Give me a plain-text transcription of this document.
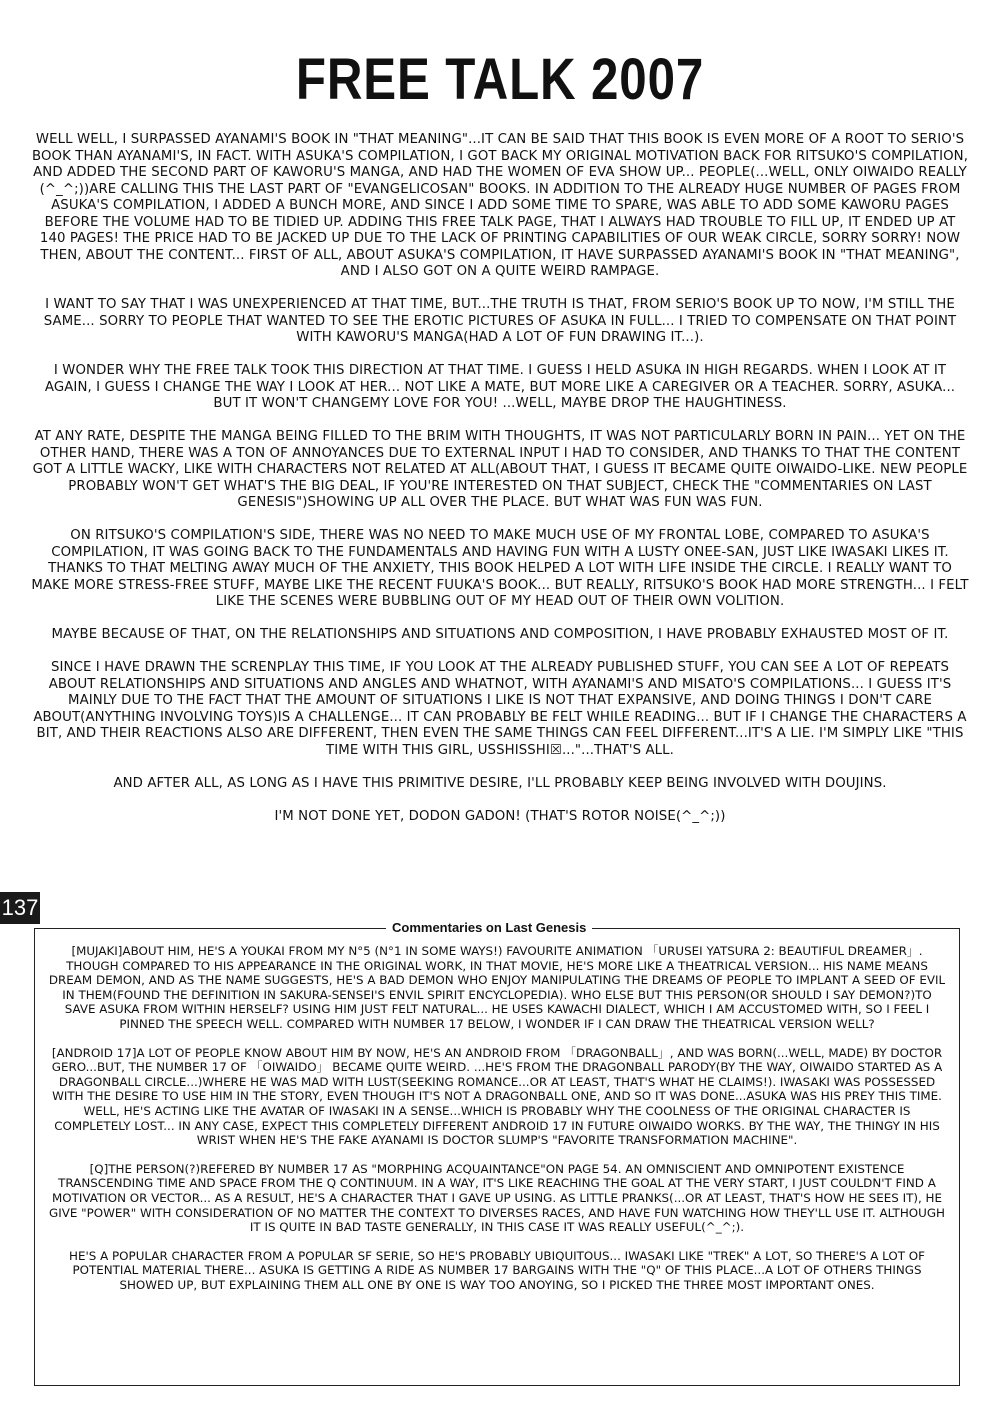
FREE TALK 2007

WELL WELL, I SURPASSED AYANAMI'S BOOK IN "THAT MEANING"...IT CAN BE SAID THAT THIS BOOK IS EVEN MORE OF A ROOT TO SERIO'S BOOK THAN AYANAMI'S, IN FACT. WITH ASUKA'S COMPILATION, I GOT BACK MY ORIGINAL MOTIVATION BACK FOR RITSUKO'S COMPILATION, AND ADDED THE SECOND PART OF KAWORU'S MANGA, AND HAD THE WOMEN OF EVA SHOW UP... PEOPLE(...WELL, ONLY OIWAIDO REALLY (^_^;))ARE CALLING THIS THE LAST PART OF "EVANGELICOSAN" BOOKS. IN ADDITION TO THE ALREADY HUGE NUMBER OF PAGES FROM ASUKA'S COMPILATION, I ADDED A BUNCH MORE, AND SINCE I ADD SOME TIME TO SPARE, WAS ABLE TO ADD SOME KAWORU PAGES BEFORE THE VOLUME HAD TO BE TIDIED UP. ADDING THIS FREE TALK PAGE, THAT I ALWAYS HAD TROUBLE TO FILL UP, IT ENDED UP AT 140 PAGES! THE PRICE HAD TO BE JACKED UP DUE TO THE LACK OF PRINTING CAPABILITIES OF OUR WEAK CIRCLE, SORRY SORRY! NOW THEN, ABOUT THE CONTENT... FIRST OF ALL, ABOUT ASUKA'S COMPILATION, IT HAVE SURPASSED AYANAMI'S BOOK IN "THAT MEANING", AND I ALSO GOT ON A QUITE WEIRD RAMPAGE.

I WANT TO SAY THAT I WAS UNEXPERIENCED AT THAT TIME, BUT...THE TRUTH IS THAT, FROM SERIO'S BOOK UP TO NOW, I'M STILL THE SAME... SORRY TO PEOPLE THAT WANTED TO SEE THE EROTIC PICTURES OF ASUKA IN FULL... I TRIED TO COMPENSATE ON THAT POINT WITH KAWORU'S MANGA(HAD A LOT OF FUN DRAWING IT...).

I WONDER WHY THE FREE TALK TOOK THIS DIRECTION AT THAT TIME. I GUESS I HELD ASUKA IN HIGH REGARDS. WHEN I LOOK AT IT AGAIN, I GUESS I CHANGE THE WAY I LOOK AT HER... NOT LIKE A MATE, BUT MORE LIKE A CAREGIVER OR A TEACHER. SORRY, ASUKA... BUT IT WON'T CHANGEMY LOVE FOR YOU! ...WELL, MAYBE DROP THE HAUGHTINESS.

AT ANY RATE, DESPITE THE MANGA BEING FILLED TO THE BRIM WITH THOUGHTS, IT WAS NOT PARTICULARLY BORN IN PAIN... YET ON THE OTHER HAND, THERE WAS A TON OF ANNOYANCES DUE TO EXTERNAL INPUT I HAD TO CONSIDER, AND THANKS TO THAT THE CONTENT GOT A LITTLE WACKY, LIKE WITH CHARACTERS NOT RELATED AT ALL(ABOUT THAT, I GUESS IT BECAME QUITE OIWAIDO-LIKE. NEW PEOPLE PROBABLY WON'T GET WHAT'S THE BIG DEAL, IF YOU'RE INTERESTED ON THAT SUBJECT, CHECK THE "COMMENTARIES ON LAST GENESIS")SHOWING UP ALL OVER THE PLACE. BUT WHAT WAS FUN WAS FUN.

ON RITSUKO'S COMPILATION'S SIDE, THERE WAS NO NEED TO MAKE MUCH USE OF MY FRONTAL LOBE, COMPARED TO ASUKA'S COMPILATION, IT WAS GOING BACK TO THE FUNDAMENTALS AND HAVING FUN WITH A LUSTY ONEE-SAN, JUST LIKE IWASAKI LIKES IT. THANKS TO THAT MELTING AWAY MUCH OF THE ANXIETY, THIS BOOK HELPED A LOT WITH LIFE INSIDE THE CIRCLE. I REALLY WANT TO MAKE MORE STRESS-FREE STUFF, MAYBE LIKE THE RECENT FUUKA'S BOOK... BUT REALLY, RITSUKO'S BOOK HAD MORE STRENGTH... I FELT LIKE THE SCENES WERE BUBBLING OUT OF MY HEAD OUT OF THEIR OWN VOLITION.

MAYBE BECAUSE OF THAT, ON THE RELATIONSHIPS AND SITUATIONS AND COMPOSITION, I HAVE PROBABLY EXHAUSTED MOST OF IT.

SINCE I HAVE DRAWN THE SCRENPLAY THIS TIME, IF YOU LOOK AT THE ALREADY PUBLISHED STUFF, YOU CAN SEE A LOT OF REPEATS ABOUT RELATIONSHIPS AND SITUATIONS AND ANGLES AND WHATNOT, WITH AYANAMI'S AND MISATO'S COMPILATIONS... I GUESS IT'S MAINLY DUE TO THE FACT THAT THE AMOUNT OF SITUATIONS I LIKE IS NOT THAT EXPANSIVE, AND DOING THINGS I DON'T CARE ABOUT(ANYTHING INVOLVING TOYS)IS A CHALLENGE... IT CAN PROBABLY BE FELT WHILE READING... BUT IF I CHANGE THE CHARACTERS A BIT, AND THEIR REACTIONS ALSO ARE DIFFERENT, THEN EVEN THE SAME THINGS CAN FEEL DIFFERENT...IT'S A LIE. I'M SIMPLY LIKE "THIS TIME WITH THIS GIRL, USSHISSHI☒..."...THAT'S ALL.

AND AFTER ALL, AS LONG AS I HAVE THIS PRIMITIVE DESIRE, I'LL PROBABLY KEEP BEING INVOLVED WITH DOUJINS.

I'M NOT DONE YET, DODON GADON! (THAT'S ROTOR NOISE(^_^;))

137
Commentaries on Last Genesis

[MUJAKI]ABOUT HIM, HE'S A YOUKAI FROM MY N°5 (N°1 IN SOME WAYS!) FAVOURITE ANIMATION 「URUSEI YATSURA 2: BEAUTIFUL DREAMER」. THOUGH COMPARED TO HIS APPEARANCE IN THE ORIGINAL WORK, IN THAT MOVIE, HE'S MORE LIKE A THEATRICAL VERSION... HIS NAME MEANS DREAM DEMON, AND AS THE NAME SUGGESTS, HE'S A BAD DEMON WHO ENJOY MANIPULATING THE DREAMS OF PEOPLE TO IMPLANT A SEED OF EVIL IN THEM(FOUND THE DEFINITION IN SAKURA-SENSEI'S ENVIL SPIRIT ENCYCLOPEDIA). WHO ELSE BUT THIS PERSON(OR SHOULD I SAY DEMON?)TO SAVE ASUKA FROM WITHIN HERSELF? USING HIM JUST FELT NATURAL... HE USES KAWACHI DIALECT, WHICH I AM ACCUSTOMED WITH, SO I FEEL I PINNED THE SPEECH WELL. COMPARED WITH NUMBER 17 BELOW, I WONDER IF I CAN DRAW THE THEATRICAL VERSION WELL?

[ANDROID 17]A LOT OF PEOPLE KNOW ABOUT HIM BY NOW, HE'S AN ANDROID FROM 「DRAGONBALL」, AND WAS BORN(...WELL, MADE) BY DOCTOR GERO...BUT, THE NUMBER 17 OF 「OIWAIDO」 BECAME QUITE WEIRD. ...HE'S FROM THE DRAGONBALL PARODY(BY THE WAY, OIWAIDO STARTED AS A DRAGONBALL CIRCLE...)WHERE HE WAS MAD WITH LUST(SEEKING ROMANCE...OR AT LEAST, THAT'S WHAT HE CLAIMS!). IWASAKI WAS POSSESSED WITH THE DESIRE TO USE HIM IN THE STORY, EVEN THOUGH IT'S NOT A DRAGONBALL ONE, AND SO IT WAS DONE...ASUKA WAS HIS PREY THIS TIME. WELL, HE'S ACTING LIKE THE AVATAR OF IWASAKI IN A SENSE...WHICH IS PROBABLY WHY THE COOLNESS OF THE ORIGINAL CHARACTER IS COMPLETELY LOST... IN ANY CASE, EXPECT THIS COMPLETELY DIFFERENT ANDROID 17 IN FUTURE OIWAIDO WORKS. BY THE WAY, THE THINGY IN HIS WRIST WHEN HE'S THE FAKE AYANAMI IS DOCTOR SLUMP'S "FAVORITE TRANSFORMATION MACHINE".

[Q]THE PERSON(?)REFERED BY NUMBER 17 AS "MORPHING ACQUAINTANCE"ON PAGE 54. AN OMNISCIENT AND OMNIPOTENT EXISTENCE TRANSCENDING TIME AND SPACE FROM THE Q CONTINUUM. IN A WAY, IT'S LIKE REACHING THE GOAL AT THE VERY START, I JUST COULDN'T FIND A MOTIVATION OR VECTOR... AS A RESULT, HE'S A CHARACTER THAT I GAVE UP USING. AS LITTLE PRANKS(...OR AT LEAST, THAT'S HOW HE SEES IT), HE GIVE "POWER" WITH CONSIDERATION OF NO MATTER THE CONTEXT TO DIVERSES RACES, AND HAVE FUN WATCHING HOW THEY'LL USE IT. ALTHOUGH IT IS QUITE IN BAD TASTE GENERALLY, IN THIS CASE IT WAS REALLY USEFUL(^_^;).

HE'S A POPULAR CHARACTER FROM A POPULAR SF SERIE, SO HE'S PROBABLY UBIQUITOUS... IWASAKI LIKE "TREK" A LOT, SO THERE'S A LOT OF POTENTIAL MATERIAL THERE... ASUKA IS GETTING A RIDE AS NUMBER 17 BARGAINS WITH THE "Q" OF THIS PLACE...A LOT OF OTHERS THINGS SHOWED UP, BUT EXPLAINING THEM ALL ONE BY ONE IS WAY TOO ANOYING, SO I PICKED THE THREE MOST IMPORTANT ONES.
